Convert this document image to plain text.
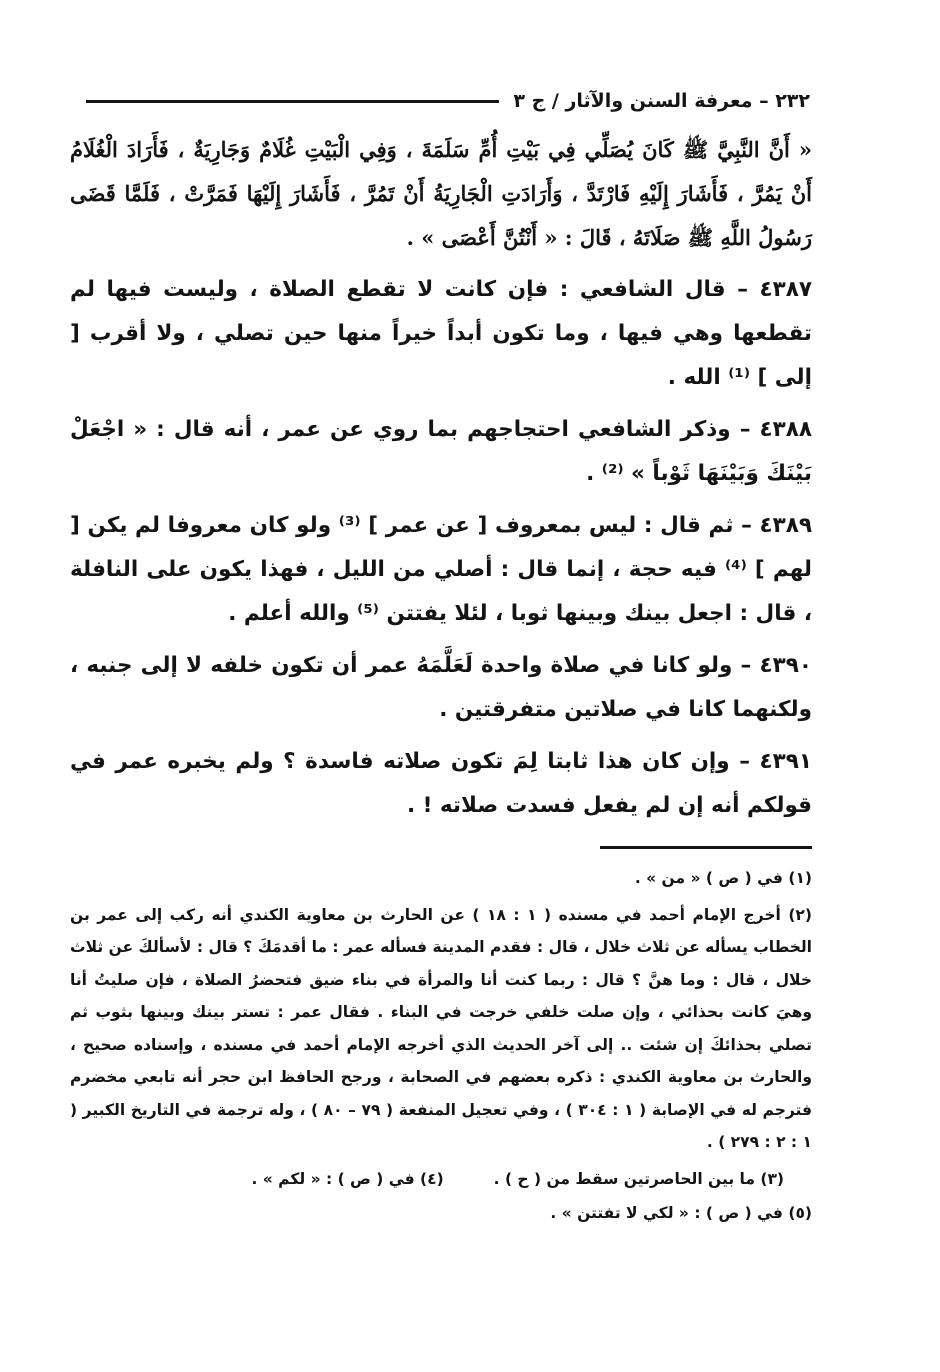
٢٣٢ – معرفة السنن والآثار / ج ٣

« أَنَّ النَّبِيَّ ﷺ كَانَ يُصَلِّي فِي بَيْتِ أُمِّ سَلَمَةَ ، وَفِي الْبَيْتِ غُلَامٌ وَجَارِيَةٌ ، فَأَرَادَ الْغُلَامُ أَنْ يَمُرَّ ، فَأَشَارَ إِلَيْهِ فَارْتَدَّ ، وَأَرَادَتِ الْجَارِيَةُ أَنْ تَمُرَّ ، فَأَشَارَ إِلَيْهَا فَمَرَّتْ ، فَلَمَّا قَضَى رَسُولُ اللَّهِ ﷺ صَلَاتَهُ ، قَالَ : « أَنْتُنَّ أَعْصَى » .

٤٣٨٧ – قال الشافعي : فإن كانت لا تقطع الصلاة ، وليست فيها لم تقطعها وهي فيها ، وما تكون أبداً خيراً منها حين تصلي ، ولا أقرب [ إلى ] ⁽¹⁾ الله .

٤٣٨٨ – وذكر الشافعي احتجاجهم بما روي عن عمر ، أنه قال : « اجْعَلْ بَيْنَكَ وَبَيْنَهَا ثَوْباً » ⁽²⁾ .

٤٣٨٩ – ثم قال : ليس بمعروف [ عن عمر ] ⁽³⁾ ولو كان معروفا لم يكن [ لهم ] ⁽⁴⁾ فيه حجة ، إنما قال : أصلي من الليل ، فهذا يكون على النافلة ، قال : اجعل بينك وبينها ثوبا ، لئلا يفتتن ⁽⁵⁾ والله أعلم .

٤٣٩٠ – ولو كانا في صلاة واحدة لَعَلَّمَهُ عمر أن تكون خلفه لا إلى جنبه ، ولكنهما كانا في صلاتين متفرقتين .

٤٣٩١ – وإن كان هذا ثابتا لِمَ تكون صلاته فاسدة ؟ ولم يخبره عمر في قولكم أنه إن لم يفعل فسدت صلاته ! .

(١) في ( ص ) « من » .

(٢) أخرج الإمام أحمد في مسنده ( ١ : ١٨ ) عن الحارث بن معاوية الكندي أنه ركب إلى عمر بن الخطاب يسأله عن ثلاث خلال ، قال : فقدم المدينة فسأله عمر : ما أقدمَكَ ؟ قال : لأسألكَ عن ثلاث خلال ، قال : وما هنَّ ؟ قال : ربما كنت أنا والمرأة في بناء ضيق فتحضرُ الصلاة ، فإن صليتُ أنا وهيَ كانت بحذائي ، وإن صلت خلفي خرجت في البناء . فقال عمر : تستر بينك وبينها بثوب ثم تصلي بحذائكَ إن شئت .. إلى آخر الحديث الذي أخرجه الإمام أحمد في مسنده ، وإسناده صحيح ، والحارث بن معاوية الكندي : ذكره بعضهم في الصحابة ، ورجح الحافظ ابن حجر أنه تابعي مخضرم فترجم له في الإصابة ( ١ : ٣٠٤ ) ، وفي تعجيل المنفعة ( ٧٩ – ٨٠ ) ، وله ترجمة في التاريخ الكبير ( ١ : ٢ : ٢٧٩ ) .

(٣) ما بين الحاصرتين سقط من ( ح ) .
(٤) في ( ص ) : « لكم » .

(٥) في ( ص ) : « لكي لا تفتتن » .
